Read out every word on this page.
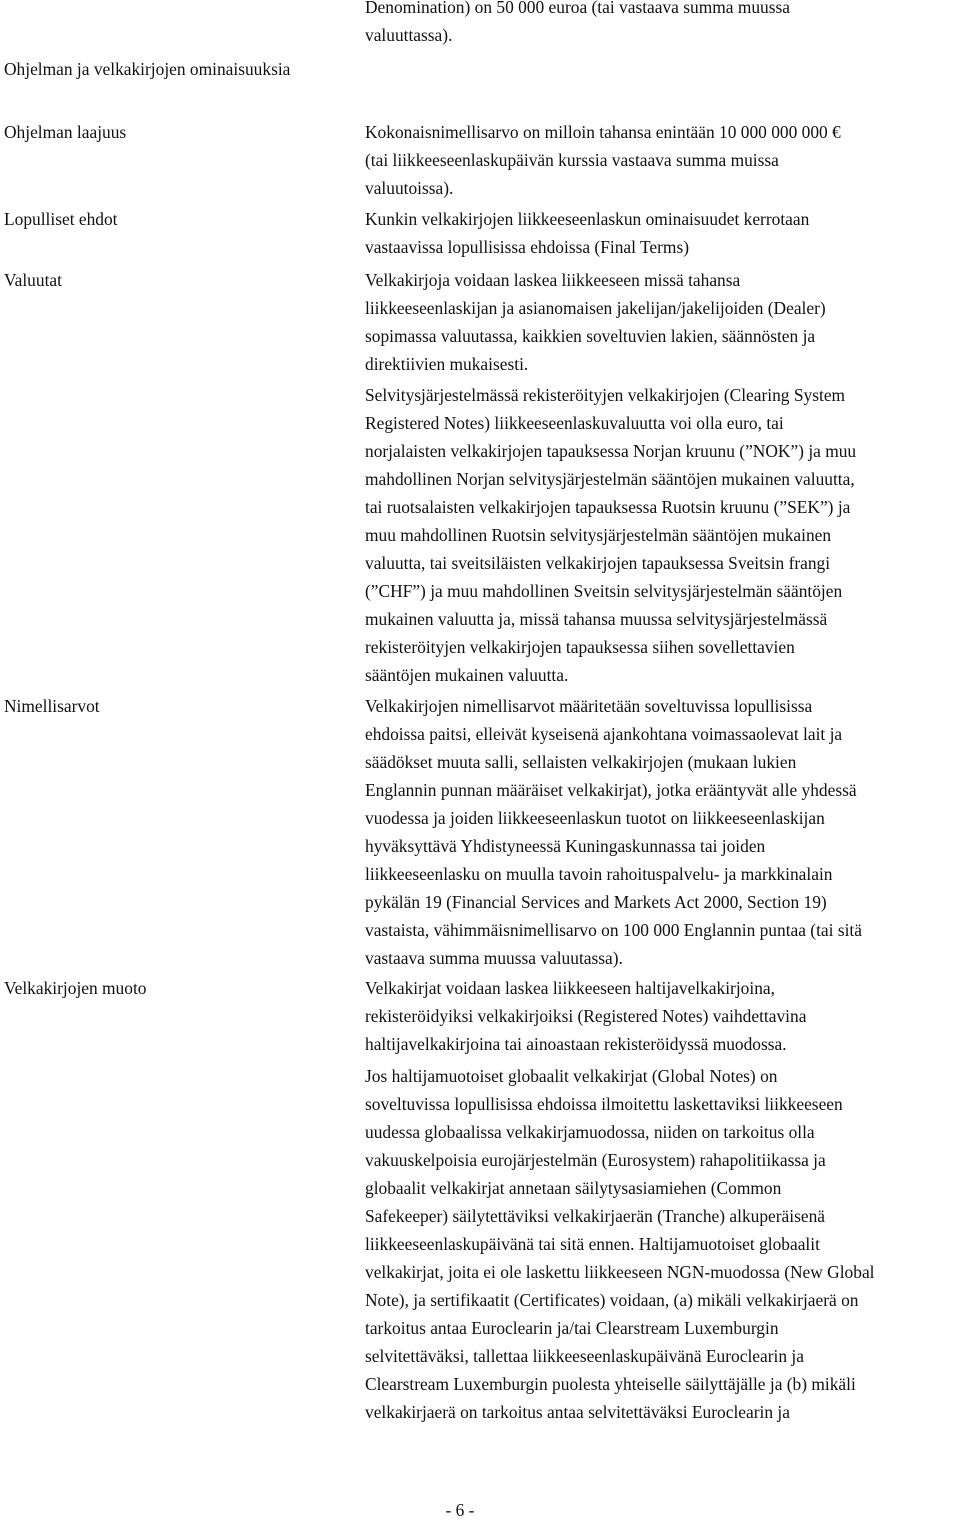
Denomination) on 50 000 euroa (tai vastaava summa muussa
valuuttassa).
Ohjelman ja velkakirjojen ominaisuuksia
Ohjelman laajuus	Kokonaisnimellisarvo on milloin tahansa enintään 10 000 000 000 €
(tai liikkeeseenlaskupäivän kurssia vastaava summa muissa
valuutoissa).
Lopulliset ehdot	Kunkin velkakirjojen liikkeeseenlaskun ominaisuudet kerrotaan
vastaavissa lopullisissa ehdoissa (Final Terms)
Valuutat	Velkakirjoja voidaan laskea liikkeeseen missä tahansa
liikkeeseenlaskijan ja asianomaisen jakelijan/jakelijoiden (Dealer)
sopimassa valuutassa, kaikkien soveltuvien lakien, säännösten ja
direktiivien mukaisesti.
Selvitysjärjestelmässä rekisteröityjen velkakirjojen (Clearing System
Registered Notes) liikkeeseenlaskuvaluutta voi olla euro, tai
norjalaisten velkakirjojen tapauksessa Norjan kruunu (”NOK”) ja muu
mahdollinen Norjan selvitysjärjestelmän sääntöjen mukainen valuutta,
tai ruotsalaisten velkakirjojen tapauksessa Ruotsin kruunu (”SEK”) ja
muu mahdollinen Ruotsin selvitysjärjestelmän sääntöjen mukainen
valuutta, tai sveitsiläisten velkakirjojen tapauksessa Sveitsin frangi
(”CHF”) ja muu mahdollinen Sveitsin selvitysjärjestelmän sääntöjen
mukainen valuutta ja, missä tahansa muussa selvitysjärjestelmässä
rekisteröityjen velkakirjojen tapauksessa siihen sovellettavien
sääntöjen mukainen valuutta.
Nimellisarvot	Velkakirjojen nimellisarvot määritetään soveltuvissa lopullisissa
ehdoissa paitsi, elleivät kyseisenä ajankohtana voimassaolevat lait ja
säädökset muuta salli, sellaisten velkakirjojen (mukaan lukien
Englannin punnan määräiset velkakirjat), jotka erääntyvät alle yhdessä
vuodessa ja joiden liikkeeseenlaskun tuotot on liikkeeseenlaskijan
hyväksyttävä Yhdistyneessä Kuningaskunnassa tai joiden
liikkeeseenlasku on muulla tavoin rahoituspalvelu- ja markkinalain
pykälän 19 (Financial Services and Markets Act 2000, Section 19)
vastaista, vähimmäisnimellisarvo on 100 000 Englannin puntaa (tai sitä
vastaava summa muussa valuutassa).
Velkakirjojen muoto	Velkakirjat voidaan laskea liikkeeseen haltijavelkakirjoina,
rekisteröidyiksi velkakirjoiksi (Registered Notes) vaihdettavina
haltijavelkakirjoina tai ainoastaan rekisteröidyssä muodossa.
Jos haltijamuotoiset globaalit velkakirjat (Global Notes) on
soveltuvissa lopullisissa ehdoissa ilmoitettu laskettaviksi liikkeeseen
uudessa globaalissa velkakirjamuodossa, niiden on tarkoitus olla
vakuuskelpoisia eurojärjestelmän (Eurosystem) rahapolitiikassa ja
globaalit velkakirjat annetaan säilytysasiamiehen (Common
Safekeeper) säilytettäviksi velkakirjaerän (Tranche) alkuperäisenä
liikkeeseenlaskupäivänä tai sitä ennen. Haltijamuotoiset globaalit
velkakirjat, joita ei ole laskettu liikkeeseen NGN-muodossa (New Global
Note), ja sertifikaatit (Certificates) voidaan, (a) mikäli velkakirjaerä on
tarkoitus antaa Euroclearin ja/tai Clearstream Luxemburgin
selvitettäväksi, tallettaa liikkeeseenlaskupäivänä Euroclearin ja
Clearstream Luxemburgin puolesta yhteiselle säilyttäjälle ja (b) mikäli
velkakirjaerä on tarkoitus antaa selvitettäväksi Euroclearin ja
- 6 -
